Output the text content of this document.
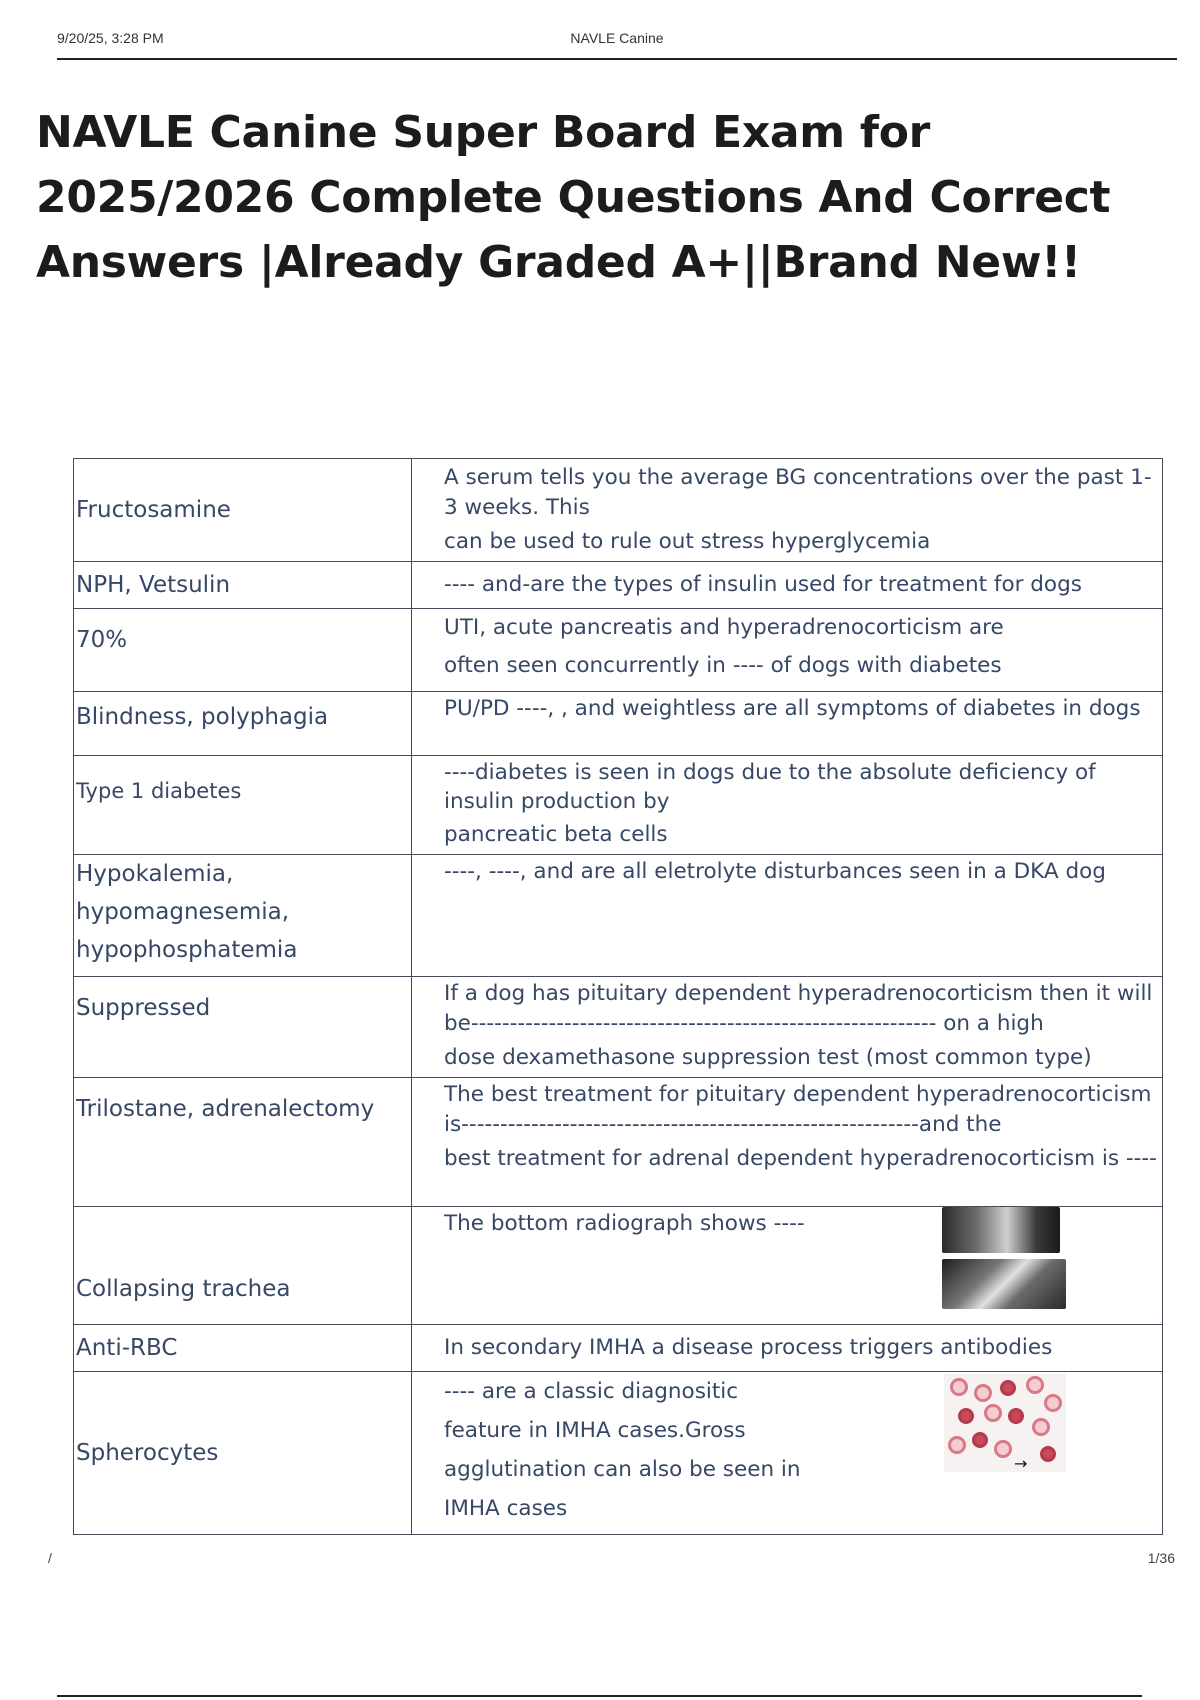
9/20/25, 3:28 PM	NAVLE Canine
NAVLE Canine Super Board Exam for 2025/2026 Complete Questions And Correct Answers |Already Graded A+||Brand New!!
Fructosamine	A serum tells you the average BG concentrations over the past 1-3 weeks. This
can be used to rule out stress hyperglycemia

NPH, Vetsulin	---- and-are the types of insulin used for treatment for dogs

70%	UTI, acute pancreatis and hyperadrenocorticism are
often seen concurrently in ---- of dogs with diabetes

Blindness, polyphagia	PU/PD ----, , and weightless are all symptoms of diabetes in dogs

Type 1 diabetes	----diabetes is seen in dogs due to the absolute deficiency of insulin production by
pancreatic beta cells

Hypokalemia, hypomagnesemia, hypophosphatemia	----, ----, and are all eletrolyte disturbances seen in a DKA dog

Suppressed	If a dog has pituitary dependent hyperadrenocorticism then it will be------------------------------------------------------------ on a high
dose dexamethasone suppression test (most common type)

Trilostane, adrenalectomy	The best treatment for pituitary dependent hyperadrenocorticism is-----------------------------------------------------------and the
best treatment for adrenal dependent hyperadrenocorticism is ----

Collapsing trachea	The bottom radiograph shows ----

Anti-RBC	In secondary IMHA a disease process triggers antibodies

Spherocytes	---- are a classic diagnositic
feature in IMHA cases.Gross
agglutination can also be seen in
IMHA cases
→
/	1/36
